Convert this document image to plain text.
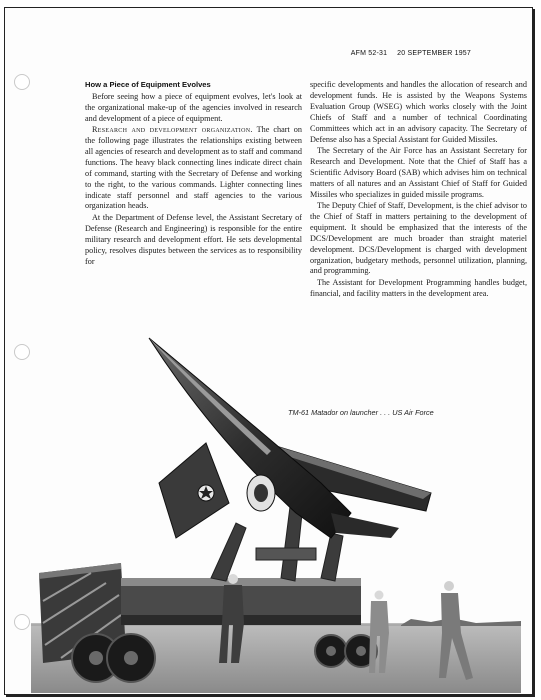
AFM 52-31 20 SEPTEMBER 1957
How a Piece of Equipment Evolves

Before seeing how a piece of equipment evolves, let's look at the organizational make-up of the agencies involved in research and development of a piece of equipment.

Research and development organization. The chart on the following page illustrates the relationships existing between all agencies of research and development as to staff and command functions. The heavy black connecting lines indicate direct chain of command, starting with the Secretary of Defense and working to the right, to the various commands. Lighter connecting lines indicate staff personnel and staff agencies to the various organization heads.

At the Department of Defense level, the Assistant Secretary of Defense (Research and Engineering) is responsible for the entire military research and development effort. He sets developmental policy, resolves disputes between the services as to responsibility for

specific developments and handles the allocation of research and development funds. He is assisted by the Weapons Systems Evaluation Group (WSEG) which works closely with the Joint Chiefs of Staff and a number of technical Coordinating Committees which act in an advisory capacity. The Secretary of Defense also has a Special Assistant for Guided Missiles.

The Secretary of the Air Force has an Assistant Secretary for Research and Development. Note that the Chief of Staff has a Scientific Advisory Board (SAB) which advises him on technical matters of all natures and an Assistant Chief of Staff for Guided Missiles who specializes in guided missile programs.

The Deputy Chief of Staff, Development, is the chief advisor to the Chief of Staff in matters pertaining to the development of equipment. It should be emphasized that the interests of the DCS/Development are much broader than straight materiel development. DCS/Development is charged with development organization, budgetary methods, personnel utilization, planning, and programming.

The Assistant for Development Programming handles budget, financial, and facility matters in the development area.

TM-61 Matador on launcher . . . US Air Force
